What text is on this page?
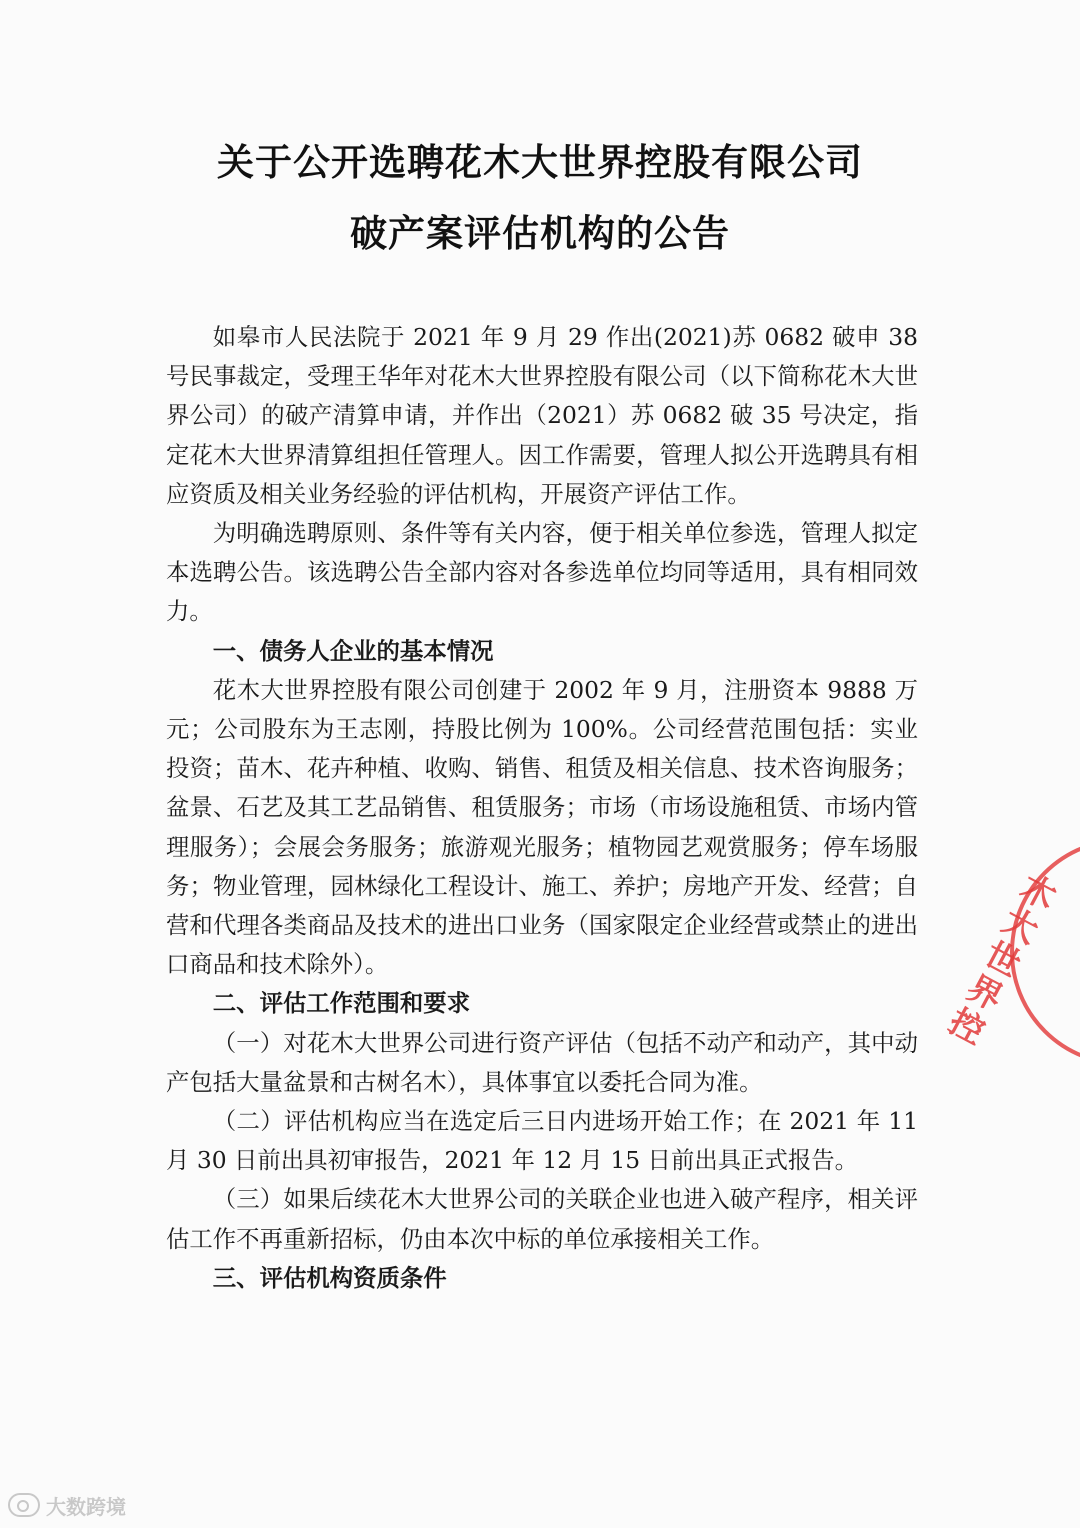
关于公开选聘花木大世界控股有限公司
破产案评估机构的公告

如皋市人民法院于 2021 年 9 月 29 作出(2021)苏 0682 破申 38 号民事裁定，受理王华年对花木大世界控股有限公司（以下简称花木大世界公司）的破产清算申请，并作出（2021）苏 0682 破 35 号决定，指定花木大世界清算组担任管理人。因工作需要，管理人拟公开选聘具有相应资质及相关业务经验的评估机构，开展资产评估工作。

为明确选聘原则、条件等有关内容，便于相关单位参选，管理人拟定本选聘公告。该选聘公告全部内容对各参选单位均同等适用，具有相同效力。

一、债务人企业的基本情况

花木大世界控股有限公司创建于 2002 年 9 月，注册资本 9888 万元；公司股东为王志刚，持股比例为 100%。公司经营范围包括：实业投资；苗木、花卉种植、收购、销售、租赁及相关信息、技术咨询服务；盆景、石艺及其工艺品销售、租赁服务；市场（市场设施租赁、市场内管理服务）；会展会务服务；旅游观光服务；植物园艺观赏服务；停车场服务；物业管理，园林绿化工程设计、施工、养护；房地产开发、经营；自营和代理各类商品及技术的进出口业务（国家限定企业经营或禁止的进出口商品和技术除外）。

二、评估工作范围和要求

（一）对花木大世界公司进行资产评估（包括不动产和动产，其中动产包括大量盆景和古树名木），具体事宜以委托合同为准。

（二）评估机构应当在选定后三日内进场开始工作；在 2021 年 11 月 30 日前出具初审报告，2021 年 12 月 15 日前出具正式报告。

（三）如果后续花木大世界公司的关联企业也进入破产程序，相关评估工作不再重新招标，仍由本次中标的单位承接相关工作。

三、评估机构资质条件
木大世界控
大数跨境
